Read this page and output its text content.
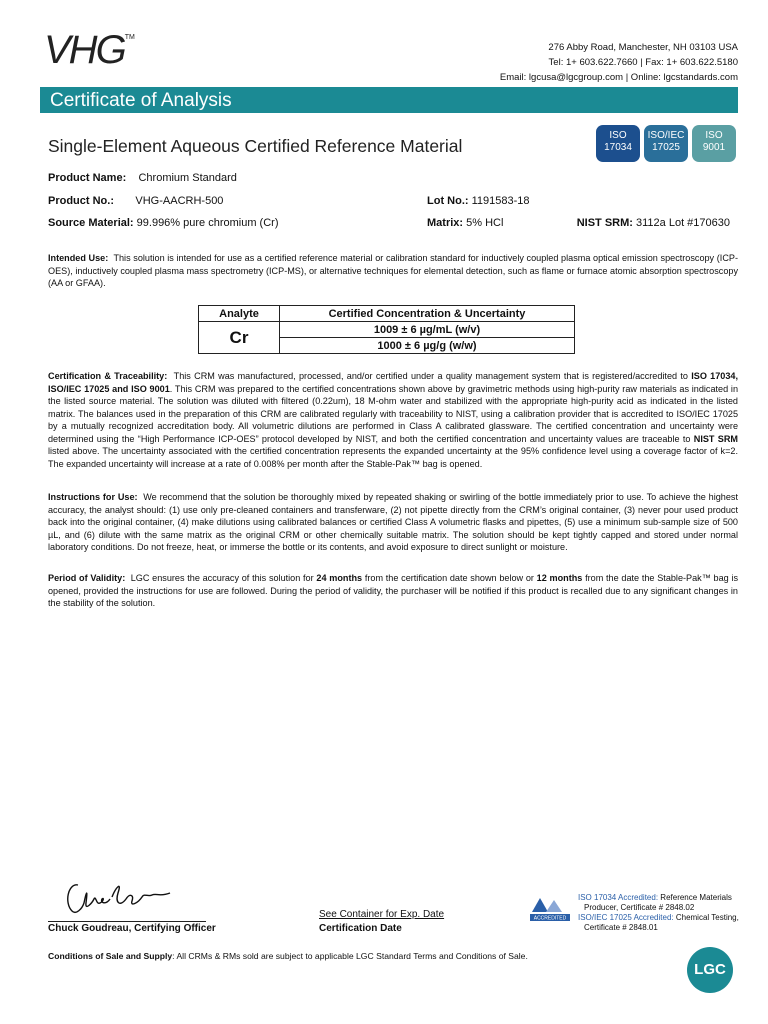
VHG™
276 Abby Road, Manchester, NH 03103 USA
Tel: 1+ 603.622.7660 | Fax: 1+ 603.622.5180
Email: lgcusa@lgcgroup.com | Online: lgcstandards.com
Certificate of Analysis
Single-Element Aqueous Certified Reference Material
ISO
17034
ISO/IEC
17025
ISO
9001
Product Name: Chromium Standard
Product No.: VHG-AACRH-500	Lot No.: 1191583-18
Source Material: 99.996% pure chromium (Cr)	Matrix: 5% HCl	NIST SRM: 3112a Lot #170630
Intended Use: This solution is intended for use as a certified reference material or calibration standard for inductively coupled plasma optical emission spectroscopy (ICP-OES), inductively coupled plasma mass spectrometry (ICP-MS), or alternative techniques for elemental detection, such as flame or furnace atomic absorption spectroscopy (AA or GFAA).
Analyte	Certified Concentration & Uncertainty
Cr	1009 ± 6 µg/mL (w/v)
	1000 ± 6 µg/g (w/w)
Certification & Traceability: This CRM was manufactured, processed, and/or certified under a quality management system that is registered/accredited to ISO 17034, ISO/IEC 17025 and ISO 9001. This CRM was prepared to the certified concentrations shown above by gravimetric methods using high-purity raw materials as indicated in the listed source material. The solution was diluted with filtered (0.22um), 18 M-ohm water and stabilized with the appropriate high-purity acid as indicated in the listed matrix. The balances used in the preparation of this CRM are calibrated regularly with traceability to NIST, using a calibration provider that is accredited to ISO/IEC 17025 by a mutually recognized accreditation body. All volumetric dilutions are performed in Class A calibrated glassware. The certified concentration and uncertainty were determined using the “High Performance ICP-OES” protocol developed by NIST, and both the certified concentration and uncertainty values are traceable to NIST SRM listed above. The uncertainty associated with the certified concentration represents the expanded uncertainty at the 95% confidence level using a coverage factor of k=2. The expanded uncertainty will increase at a rate of 0.008% per month after the Stable-Pak™ bag is opened.
Instructions for Use: We recommend that the solution be thoroughly mixed by repeated shaking or swirling of the bottle immediately prior to use. To achieve the highest accuracy, the analyst should: (1) use only pre-cleaned containers and transferware, (2) not pipette directly from the CRM’s original container, (3) never pour used product back into the original container, (4) make dilutions using calibrated balances or certified Class A volumetric flasks and pipettes, (5) use a minimum sub-sample size of 500 µL, and (6) dilute with the same matrix as the original CRM or other chemically suitable matrix. The solution should be kept tightly capped and stored under normal laboratory conditions. Do not freeze, heat, or immerse the bottle or its contents, and avoid exposure to direct sunlight or moisture.
Period of Validity: LGC ensures the accuracy of this solution for 24 months from the certification date shown below or 12 months from the date the Stable-Pak™ bag is opened, provided the instructions for use are followed. During the period of validity, the purchaser will be notified if this product is recalled due to any significant changes in the stability of the solution.
Chuck Goudreau, Certifying Officer
See Container for Exp. Date
Certification Date
ACCREDITED
ISO 17034 Accredited: Reference Materials
Producer, Certificate # 2848.02
ISO/IEC 17025 Accredited: Chemical Testing,
Certificate # 2848.01
Conditions of Sale and Supply: All CRMs & RMs sold are subject to applicable LGC Standard Terms and Conditions of Sale.
LGC
